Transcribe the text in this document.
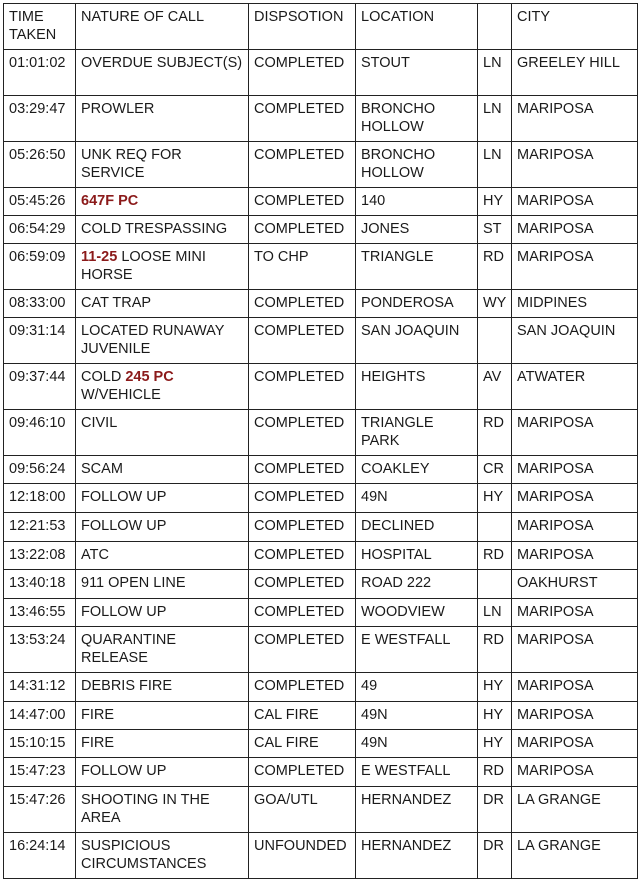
TIME TAKEN	NATURE OF CALL	DISPSOTION	LOCATION		CITY
01:01:02	OVERDUE SUBJECT(S)	COMPLETED	STOUT	LN	GREELEY HILL
03:29:47	PROWLER	COMPLETED	BRONCHO HOLLOW	LN	MARIPOSA
05:26:50	UNK REQ FOR SERVICE	COMPLETED	BRONCHO HOLLOW	LN	MARIPOSA
05:45:26	647F PC	COMPLETED	140	HY	MARIPOSA
06:54:29	COLD TRESPASSING	COMPLETED	JONES	ST	MARIPOSA
06:59:09	11-25 LOOSE MINI HORSE	TO CHP	TRIANGLE	RD	MARIPOSA
08:33:00	CAT TRAP	COMPLETED	PONDEROSA	WY	MIDPINES
09:31:14	LOCATED RUNAWAY JUVENILE	COMPLETED	SAN JOAQUIN		SAN JOAQUIN
09:37:44	COLD 245 PC W/VEHICLE	COMPLETED	HEIGHTS	AV	ATWATER
09:46:10	CIVIL	COMPLETED	TRIANGLE PARK	RD	MARIPOSA
09:56:24	SCAM	COMPLETED	COAKLEY	CR	MARIPOSA
12:18:00	FOLLOW UP	COMPLETED	49N	HY	MARIPOSA
12:21:53	FOLLOW UP	COMPLETED	DECLINED		MARIPOSA
13:22:08	ATC	COMPLETED	HOSPITAL	RD	MARIPOSA
13:40:18	911 OPEN LINE	COMPLETED	ROAD 222		OAKHURST
13:46:55	FOLLOW UP	COMPLETED	WOODVIEW	LN	MARIPOSA
13:53:24	QUARANTINE RELEASE	COMPLETED	E WESTFALL	RD	MARIPOSA
14:31:12	DEBRIS FIRE	COMPLETED	49	HY	MARIPOSA
14:47:00	FIRE	CAL FIRE	49N	HY	MARIPOSA
15:10:15	FIRE	CAL FIRE	49N	HY	MARIPOSA
15:47:23	FOLLOW UP	COMPLETED	E WESTFALL	RD	MARIPOSA
15:47:26	SHOOTING IN THE AREA	GOA/UTL	HERNANDEZ	DR	LA GRANGE
16:24:14	SUSPICIOUS CIRCUMSTANCES	UNFOUNDED	HERNANDEZ	DR	LA GRANGE
